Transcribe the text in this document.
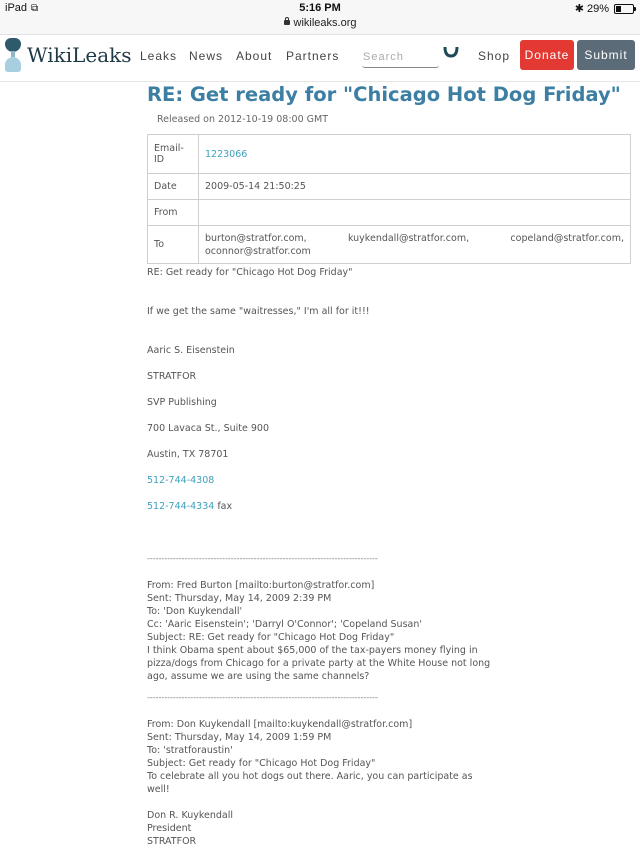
iPad ⧉	5:16 PM
wikileaks.org
✱ 29%
WikiLeaks Leaks News About Partners Search	Shop	Donate	Submit
RE: Get ready for "Chicago Hot Dog Friday"
Released on 2012-10-19 08:00 GMT
Email-
ID	1223066
Date	2009-05-14 21:50:25
From	
To	burton@stratfor.com, kuykendall@stratfor.com, copeland@stratfor.com,
oconnor@stratfor.com

RE: Get ready for "Chicago Hot Dog Friday"

If we get the same "waitresses," I'm all for it!!!

Aaric S. Eisenstein

STRATFOR

SVP Publishing

700 Lavaca St., Suite 900

Austin, TX 78701

512-744-4308

512-744-4334 fax

--------------------------------------------------------------------------------

From: Fred Burton [mailto:burton@stratfor.com]

Sent: Thursday, May 14, 2009 2:39 PM

To: 'Don Kuykendall'

Cc: 'Aaric Eisenstein'; 'Darryl O'Connor'; 'Copeland Susan'

Subject: RE: Get ready for "Chicago Hot Dog Friday"

I think Obama spent about $65,000 of the tax-payers money flying in

pizza/dogs from Chicago for a private party at the White House not long

ago, assume we are using the same channels?

--------------------------------------------------------------------------------

From: Don Kuykendall [mailto:kuykendall@stratfor.com]

Sent: Thursday, May 14, 2009 1:59 PM

To: 'stratforaustin'

Subject: Get ready for "Chicago Hot Dog Friday"

To celebrate all you hot dogs out there. Aaric, you can participate as

well!

Don R. Kuykendall

President

STRATFOR
